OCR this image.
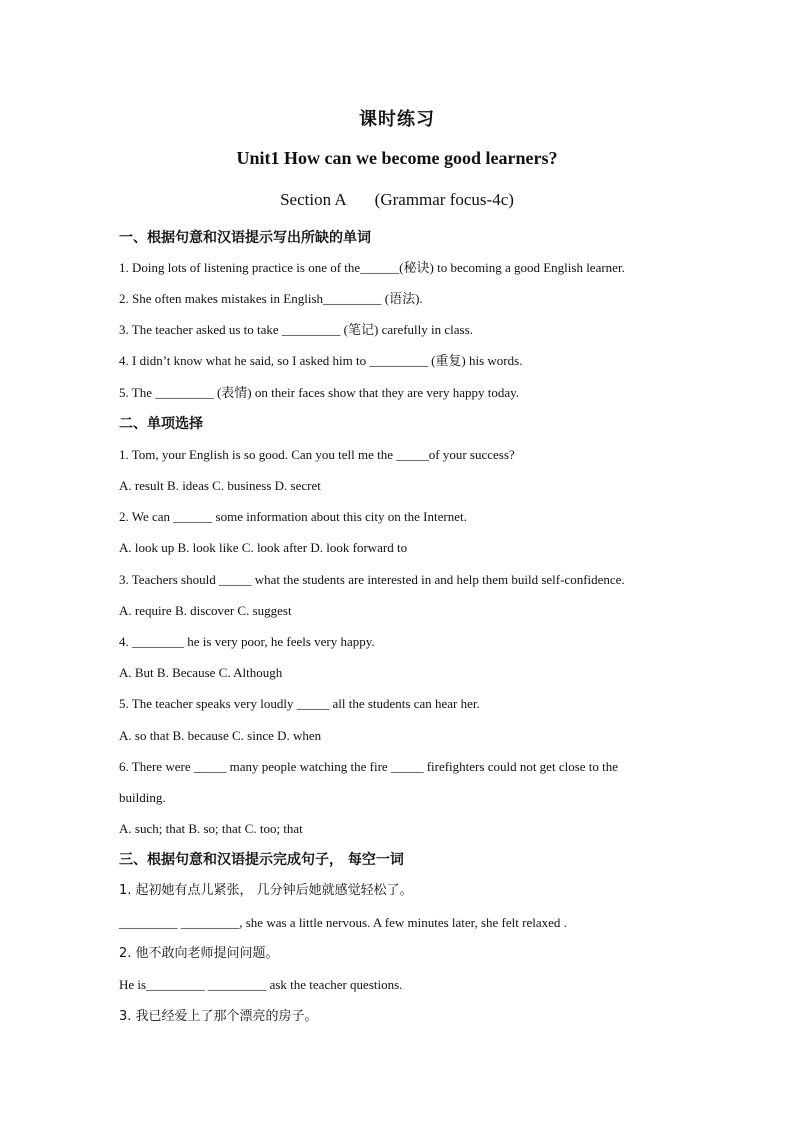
课时练习
Unit1 How can we become good learners?
Section A (Grammar focus-4c)
一、根据句意和汉语提示写出所缺的单词
1. Doing lots of listening practice is one of the______(秘诀) to becoming a good English learner.
2. She often makes mistakes in English_________ (语法).
3. The teacher asked us to take _________ (笔记) carefully in class.
4. I didn’t know what he said, so I asked him to _________ (重复) his words.
5. The _________ (表情) on their faces show that they are very happy today.
二、单项选择
1. Tom, your English is so good. Can you tell me the _____of your success?
A. result B. ideas C. business D. secret
2. We can ______ some information about this city on the Internet.
A. look up B. look like C. look after D. look forward to
3. Teachers should _____ what the students are interested in and help them build self-confidence.
A. require B. discover C. suggest
4. ________ he is very poor, he feels very happy.
A. But B. Because C. Although
5. The teacher speaks very loudly _____ all the students can hear her.
A. so that B. because C. since D. when
6. There were _____ many people watching the fire _____ firefighters could not get close to the
building.
A. such; that B. so; that C. too; that
三、根据句意和汉语提示完成句子， 每空一词
1. 起初她有点儿紧张， 几分钟后她就感觉轻松了。
_________ _________, she was a little nervous. A few minutes later, she felt relaxed .
2. 他不敢向老师提问问题。
He is_________ _________ ask the teacher questions.
3. 我已经爱上了那个漂亮的房子。
